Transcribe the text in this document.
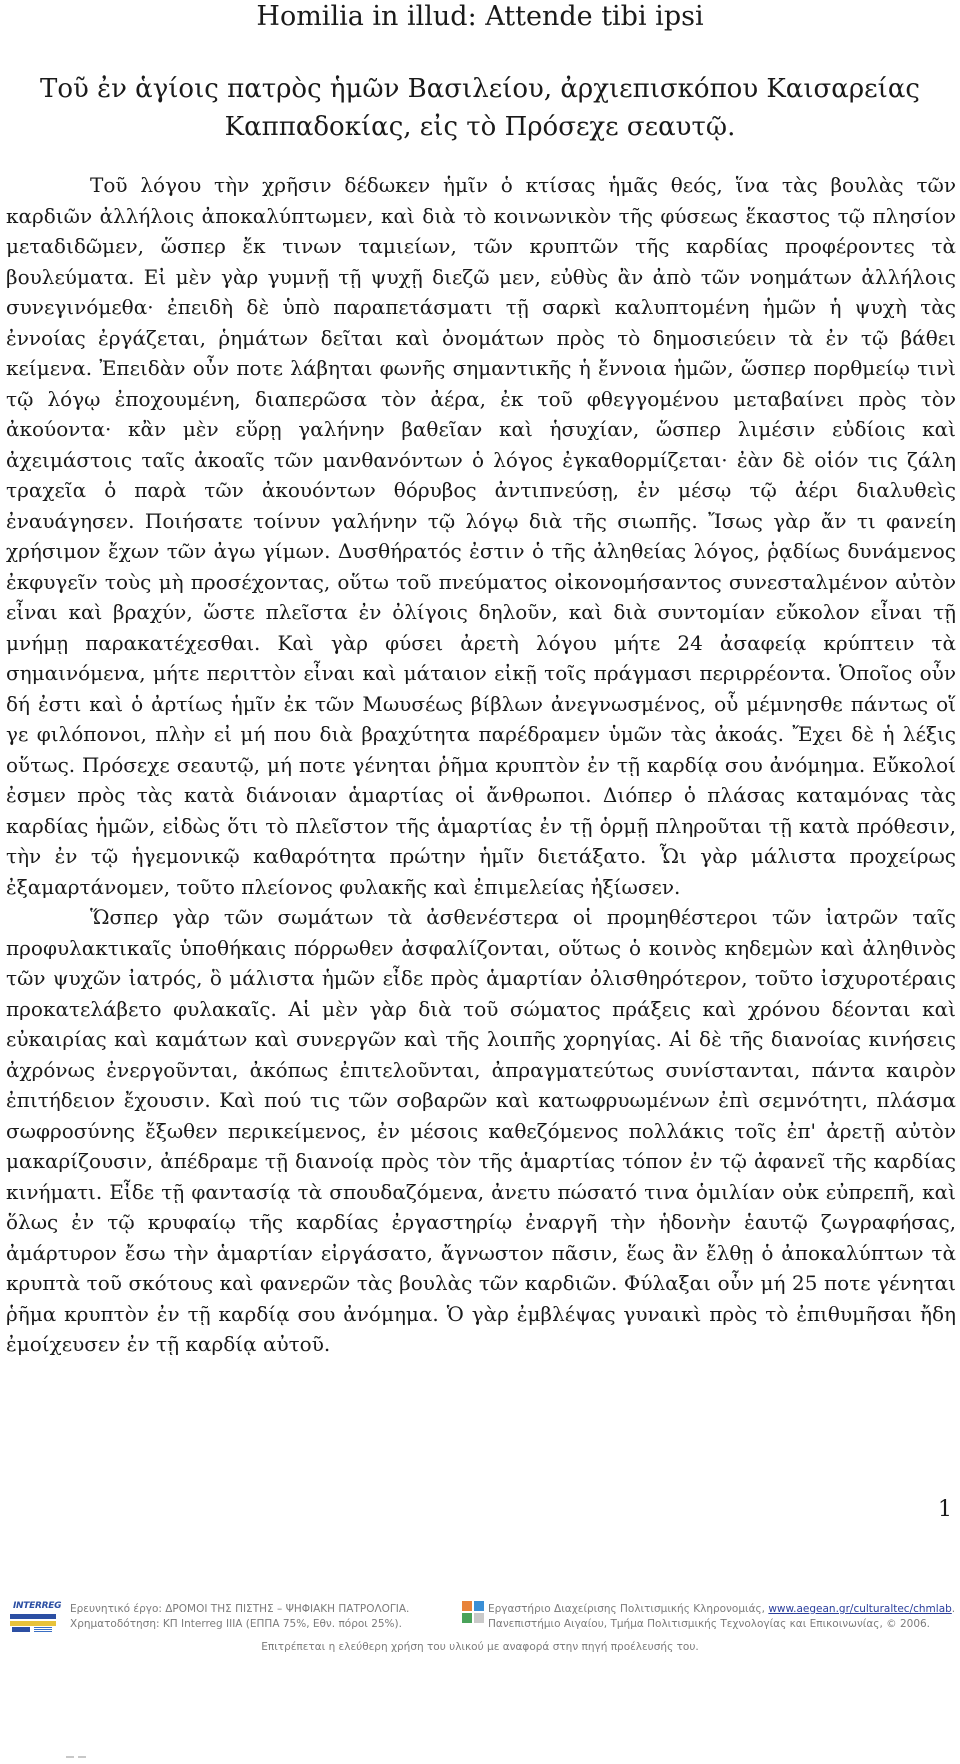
Homilia in illud: Attende tibi ipsi
Τοῦ ἐν ἁγίοις πατρὸς ἡμῶν Βασιλείου, ἀρχιεπισκόπου Καισαρείας Καππαδοκίας, εἰς τὸ Πρόσεχε σεαυτῷ.

Τοῦ λόγου τὴν χρῆσιν δέδωκεν ἡμῖν ὁ κτίσας ἡμᾶς θεός, ἵνα τὰς βουλὰς τῶν καρδιῶν ἀλλήλοις ἀποκαλύπτωμεν, καὶ διὰ τὸ κοινωνικὸν τῆς φύσεως ἕκαστος τῷ πλησίον μεταδιδῶμεν, ὥσπερ ἔκ τινων ταμιείων, τῶν κρυπτῶν τῆς καρδίας προφέροντες τὰ βουλεύματα. Εἰ μὲν γὰρ γυμνῇ τῇ ψυχῇ διεζῶ μεν, εὐθὺς ἂν ἀπὸ τῶν νοημάτων ἀλλήλοις συνεγινόμεθα· ἐπειδὴ δὲ ὑπὸ παραπετάσματι τῇ σαρκὶ καλυπτομένη ἡμῶν ἡ ψυχὴ τὰς ἐννοίας ἐργάζεται, ῥημάτων δεῖται καὶ ὀνομάτων πρὸς τὸ δημοσιεύειν τὰ ἐν τῷ βάθει κείμενα. Ἐπειδὰν οὖν ποτε λάβηται φωνῆς σημαντικῆς ἡ ἔννοια ἡμῶν, ὥσπερ πορθμείῳ τινὶ τῷ λόγῳ ἐποχουμένη, διαπερῶσα τὸν ἀέρα, ἐκ τοῦ φθεγγομένου μεταβαίνει πρὸς τὸν ἀκούοντα· κἂν μὲν εὕρῃ γαλήνην βαθεῖαν καὶ ἡσυχίαν, ὥσπερ λιμέσιν εὐδίοις καὶ ἀχειμάστοις ταῖς ἀκοαῖς τῶν μανθανόντων ὁ λόγος ἐγκαθορμίζεται· ἐὰν δὲ οἱόν τις ζάλη τραχεῖα ὁ παρὰ τῶν ἀκουόντων θόρυβος ἀντιπνεύσῃ, ἐν μέσῳ τῷ ἀέρι διαλυθεὶς ἐναυάγησεν. Ποιήσατε τοίνυν γαλήνην τῷ λόγῳ διὰ τῆς σιωπῆς. Ἴσως γὰρ ἄν τι φανείη χρήσιμον ἔχων τῶν ἀγω γίμων. Δυσθήρατός ἐστιν ὁ τῆς ἀληθείας λόγος, ῥᾳδίως δυνάμενος ἐκφυγεῖν τοὺς μὴ προσέχοντας, οὕτω τοῦ πνεύματος οἰκονομήσαντος συνεσταλμένον αὐτὸν εἶναι καὶ βραχύν, ὥστε πλεῖστα ἐν ὀλίγοις δηλοῦν, καὶ διὰ συντομίαν εὔκολον εἶναι τῇ μνήμῃ παρακατέχεσθαι. Καὶ γὰρ φύσει ἀρετὴ λόγου μήτε 24 ἀσαφείᾳ κρύπτειν τὰ σημαινόμενα, μήτε περιττὸν εἶναι καὶ μάταιον εἰκῇ τοῖς πράγμασι περιρρέοντα. Ὁποῖος οὖν δή ἐστι καὶ ὁ ἀρτίως ἡμῖν ἐκ τῶν Μωυσέως βίβλων ἀνεγνωσμένος, οὗ μέμνησθε πάντως οἵ γε φιλόπονοι, πλὴν εἰ μή που διὰ βραχύτητα παρέδραμεν ὑμῶν τὰς ἀκοάς. Ἔχει δὲ ἡ λέξις οὕτως. Πρόσεχε σεαυτῷ, μή ποτε γένηται ῥῆμα κρυπτὸν ἐν τῇ καρδίᾳ σου ἀνόμημα. Εὔκολοί ἐσμεν πρὸς τὰς κατὰ διάνοιαν ἁμαρτίας οἱ ἄνθρωποι. Διόπερ ὁ πλάσας καταμόνας τὰς καρδίας ἡμῶν, εἰδὼς ὅτι τὸ πλεῖστον τῆς ἁμαρτίας ἐν τῇ ὁρμῇ πληροῦται τῇ κατὰ πρόθεσιν, τὴν ἐν τῷ ἡγεμονικῷ καθαρότητα πρώτην ἡμῖν διετάξατο. Ὧι γὰρ μάλιστα προχείρως ἐξαμαρτάνομεν, τοῦτο πλείονος φυλακῆς καὶ ἐπιμελείας ἠξίωσεν.

Ὥσπερ γὰρ τῶν σωμάτων τὰ ἀσθενέστερα οἱ προμηθέστεροι τῶν ἰατρῶν ταῖς προφυλακτικαῖς ὑποθήκαις πόρρωθεν ἀσφαλίζονται, οὕτως ὁ κοινὸς κηδεμὼν καὶ ἀληθινὸς τῶν ψυχῶν ἰατρός, ὃ μάλιστα ἡμῶν εἶδε πρὸς ἁμαρτίαν ὀλισθηρότερον, τοῦτο ἰσχυροτέραις προκατελάβετο φυλακαῖς. Αἱ μὲν γὰρ διὰ τοῦ σώματος πράξεις καὶ χρόνου δέονται καὶ εὐκαιρίας καὶ καμάτων καὶ συνεργῶν καὶ τῆς λοιπῆς χορηγίας. Αἱ δὲ τῆς διανοίας κινήσεις ἀχρόνως ἐνεργοῦνται, ἀκόπως ἐπιτελοῦνται, ἀπραγματεύτως συνίστανται, πάντα καιρὸν ἐπιτήδειον ἔχουσιν. Καὶ πού τις τῶν σοβαρῶν καὶ κατωφρυωμένων ἐπὶ σεμνότητι, πλάσμα σωφροσύνης ἔξωθεν περικείμενος, ἐν μέσοις καθεζόμενος πολλάκις τοῖς ἐπ' ἀρετῇ αὐτὸν μακαρίζουσιν, ἀπέδραμε τῇ διανοίᾳ πρὸς τὸν τῆς ἁμαρτίας τόπον ἐν τῷ ἀφανεῖ τῆς καρδίας κινήματι. Εἶδε τῇ φαντασίᾳ τὰ σπουδαζόμενα, ἀνετυ πώσατό τινα ὁμιλίαν οὐκ εὐπρεπῆ, καὶ ὅλως ἐν τῷ κρυφαίῳ τῆς καρδίας ἐργαστηρίῳ ἐναργῆ τὴν ἡδονὴν ἑαυτῷ ζωγραφήσας, ἀμάρτυρον ἔσω τὴν ἁμαρτίαν εἰργάσατο, ἄγνωστον πᾶσιν, ἕως ἂν ἔλθῃ ὁ ἀποκαλύπτων τὰ κρυπτὰ τοῦ σκότους καὶ φανερῶν τὰς βουλὰς τῶν καρδιῶν. Φύλαξαι οὖν μή 25 ποτε γένηται ῥῆμα κρυπτὸν ἐν τῇ καρδίᾳ σου ἀνόμημα. Ὁ γὰρ ἐμβλέψας γυναικὶ πρὸς τὸ ἐπιθυμῆσαι ἤδη ἐμοίχευσεν ἐν τῇ καρδίᾳ αὐτοῦ.

1
INTERREG Ερευνητικό έργο: ΔΡΟΜΟΙ ΤΗΣ ΠΙΣΤΗΣ – ΨΗΦΙΑΚΗ ΠΑΤΡΟΛΟΓΙΑ.
Χρηματοδότηση: ΚΠ Interreg IIIA (ΕΠΠΑ 75%, Εθν. πόροι 25%).
Εργαστήριο Διαχείρισης Πολιτισμικής Κληρονομιάς, www.aegean.gr/culturaltec/chmlab.
Πανεπιστήμιο Αιγαίου, Τμήμα Πολιτισμικής Τεχνολογίας και Επικοινωνίας, © 2006.
Επιτρέπεται η ελεύθερη χρήση του υλικού με αναφορά στην πηγή προέλευσής του.
